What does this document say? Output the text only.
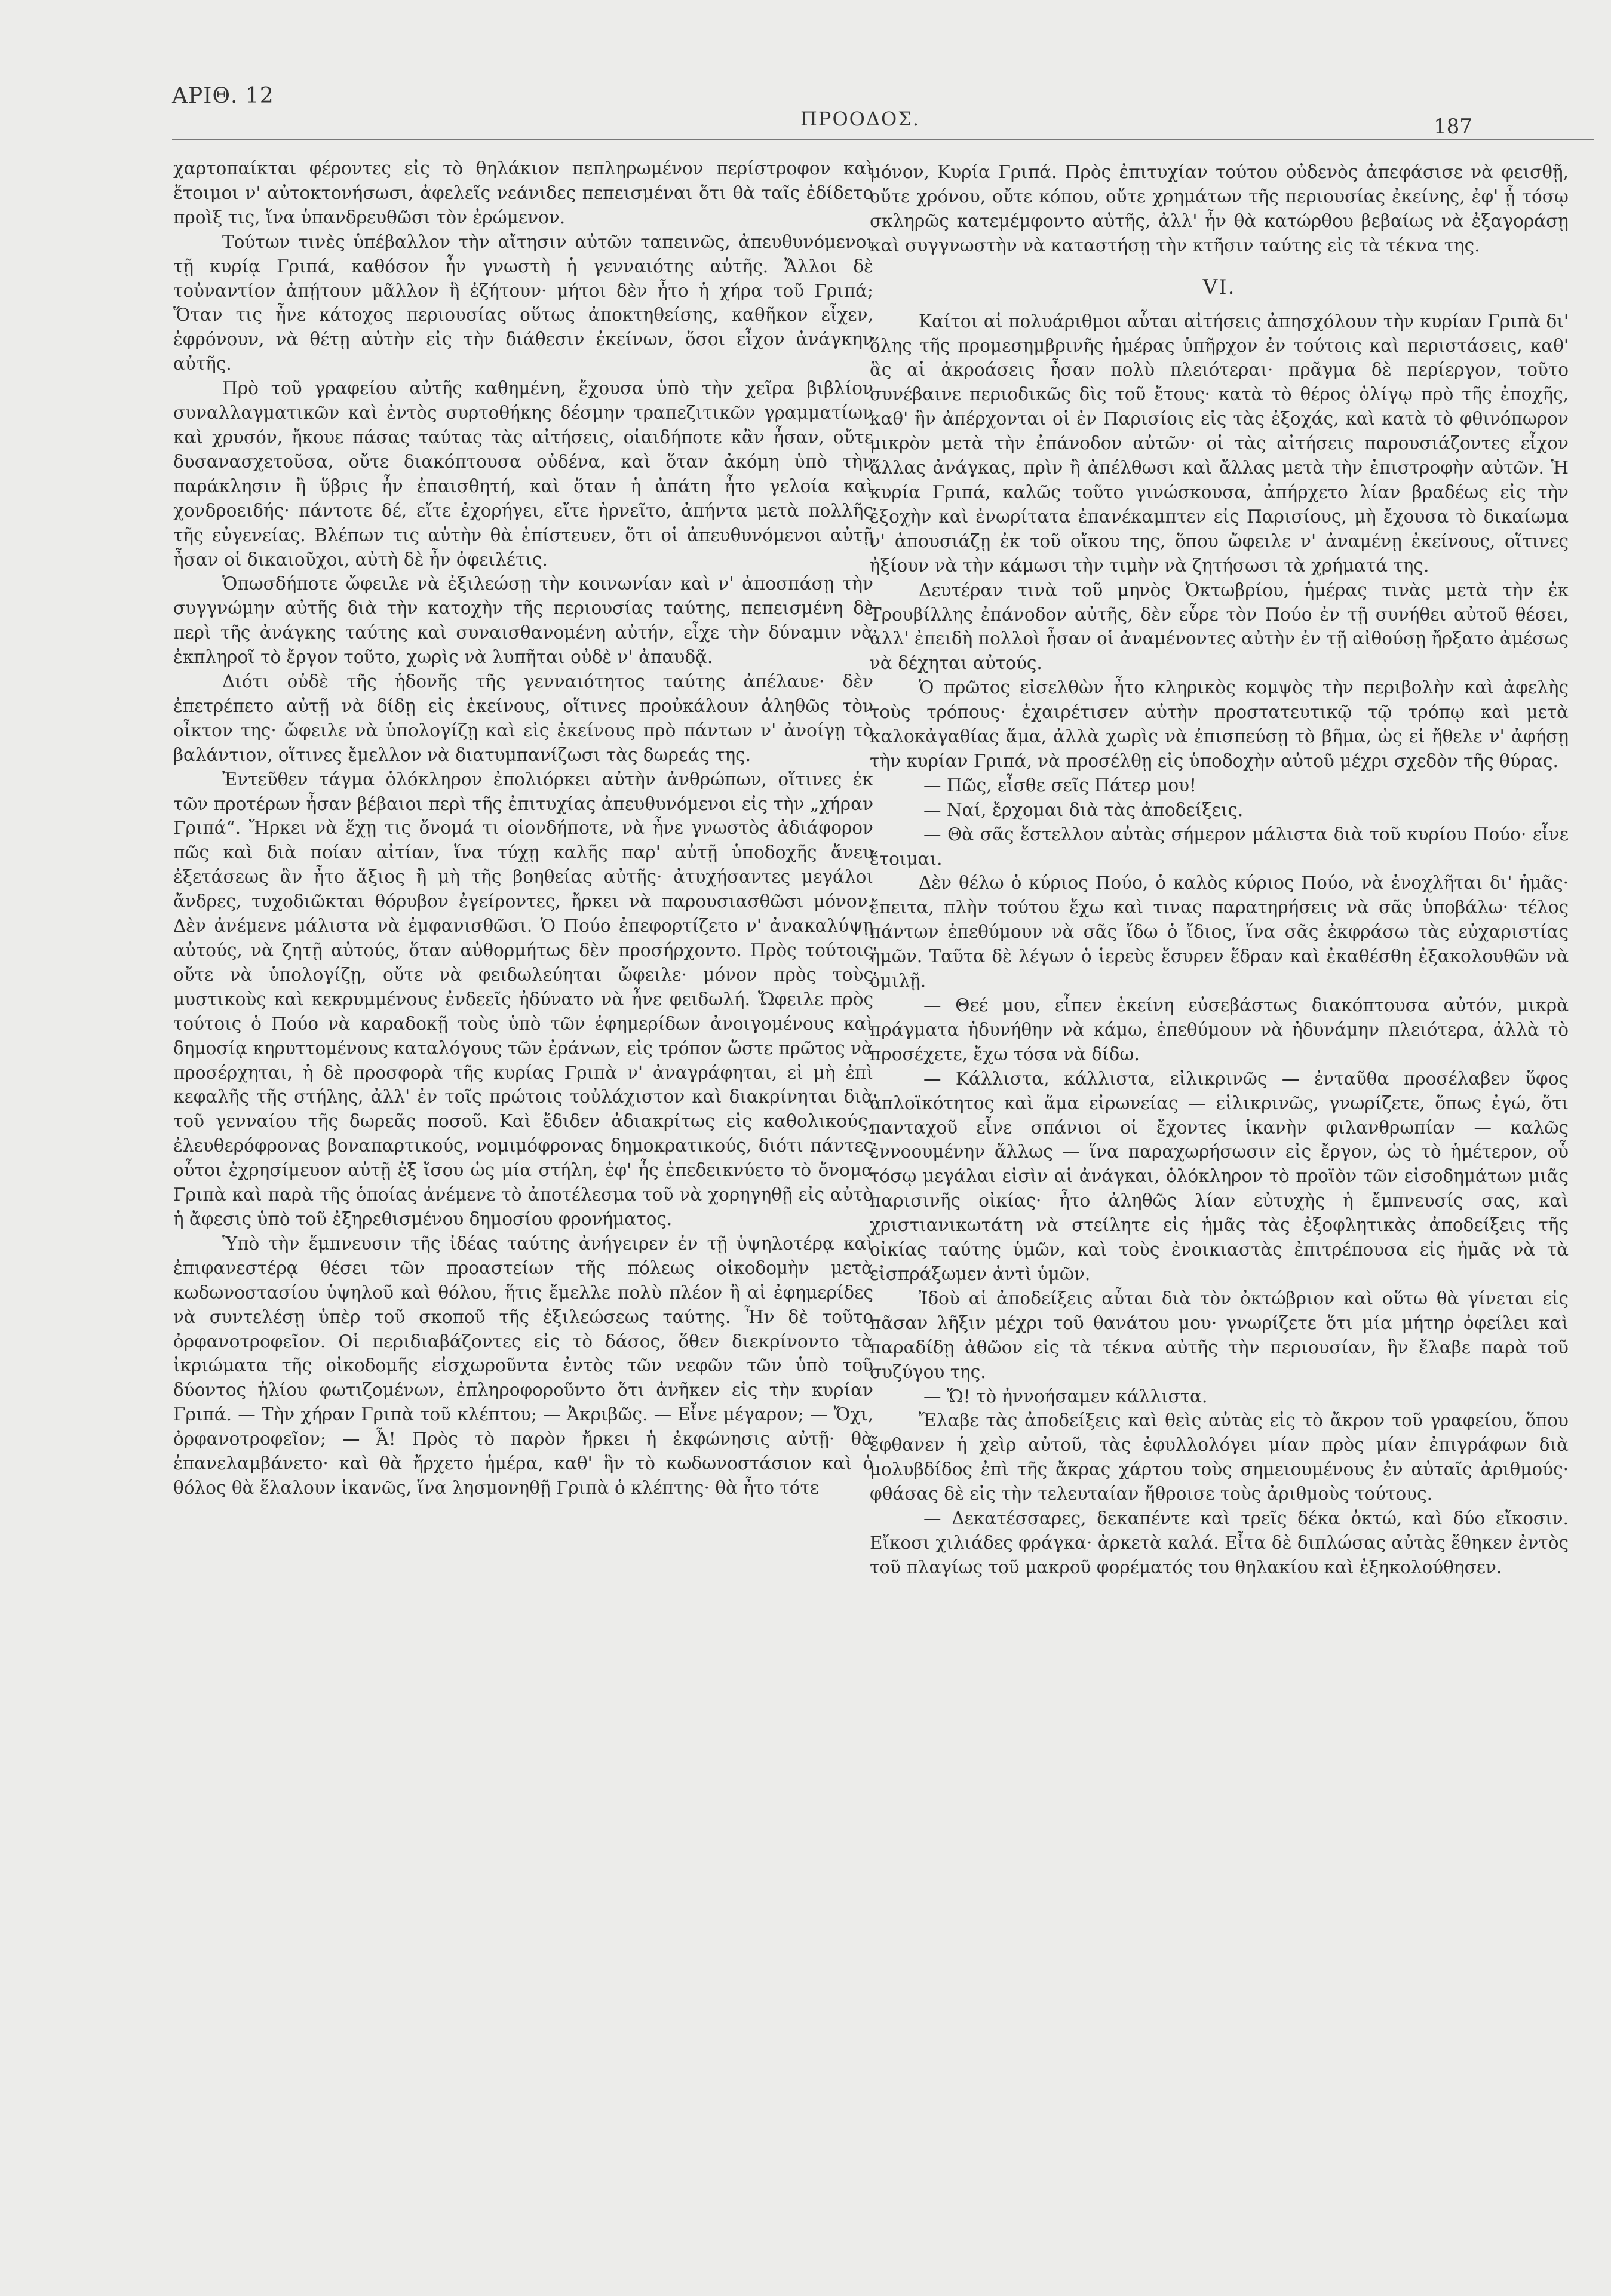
ΑΡΙΘ. 12
ΠΡΟΟΔΟΣ.	187

χαρτοπαίκται φέροντες εἰς τὸ θηλάκιον πεπληρωμένον περίστροφον καὶ ἕτοιμοι ν' αὐτοκτονήσωσι, ἀφελεῖς νεάνιδες πεπεισμέναι ὅτι θὰ ταῖς ἐδίδετο προὶξ τις, ἵνα ὑπανδρευθῶσι τὸν ἐρώμενον.

Τούτων τινὲς ὑπέβαλλον τὴν αἴτησιν αὐτῶν ταπεινῶς, ἀπευθυνόμενοι τῇ κυρίᾳ Γριπά, καθόσον ἦν γνωστὴ ἡ γενναιότης αὐτῆς. Ἄλλοι δὲ τοὐναντίον ἀπῄτουν μᾶλλον ἢ ἐζήτουν· μήτοι δὲν ἦτο ἡ χήρα τοῦ Γριπά; Ὅταν τις ἦνε κάτοχος περιουσίας οὕτως ἀποκτηθείσης, καθῆκον εἶχεν, ἐφρόνουν, νὰ θέτῃ αὐτὴν εἰς τὴν διάθεσιν ἐκείνων, ὅσοι εἶχον ἀνάγκην αὐτῆς.

Πρὸ τοῦ γραφείου αὐτῆς καθημένη, ἔχουσα ὑπὸ τὴν χεῖρα βιβλίον συναλλαγματικῶν καὶ ἐντὸς συρτοθήκης δέσμην τραπεζιτικῶν γραμματίων καὶ χρυσόν, ἤκουε πάσας ταύτας τὰς αἰτήσεις, οἱαιδήποτε κἂν ἦσαν, οὔτε δυσανασχετοῦσα, οὔτε διακόπτουσα οὐδένα, καὶ ὅταν ἀκόμη ὑπὸ τὴν παράκλησιν ἢ ὕβρις ἦν ἐπαισθητή, καὶ ὅταν ἡ ἀπάτη ἦτο γελοία καὶ χονδροειδής· πάντοτε δέ, εἴτε ἐχορήγει, εἴτε ἠρνεῖτο, ἀπήντα μετὰ πολλῆς τῆς εὐγενείας. Βλέπων τις αὐτὴν θὰ ἐπίστευεν, ὅτι οἱ ἀπευθυνόμενοι αὐτῇ ἦσαν οἱ δικαιοῦχοι, αὐτὴ δὲ ἦν ὀφειλέτις.

Ὁπωσδήποτε ὤφειλε νὰ ἐξιλεώσῃ τὴν κοινωνίαν καὶ ν' ἀποσπάσῃ τὴν συγγνώμην αὐτῆς διὰ τὴν κατοχὴν τῆς περιουσίας ταύτης, πεπεισμένη δὲ περὶ τῆς ἀνάγκης ταύτης καὶ συναισθανομένη αὐτήν, εἶχε τὴν δύναμιν νὰ ἐκπληροῖ τὸ ἔργον τοῦτο, χωρὶς νὰ λυπῆται οὐδὲ ν' ἀπαυδᾷ.

Διότι οὐδὲ τῆς ἡδονῆς τῆς γενναιότητος ταύτης ἀπέλαυε· δὲν ἐπετρέπετο αὐτῇ νὰ δίδῃ εἰς ἐκείνους, οἵτινες προὐκάλουν ἀληθῶς τὸν οἶκτον της· ὤφειλε νὰ ὑπολογίζῃ καὶ εἰς ἐκείνους πρὸ πάντων ν' ἀνοίγῃ τὸ βαλάντιον, οἵτινες ἔμελλον νὰ διατυμπανίζωσι τὰς δωρεάς της.

Ἐντεῦθεν τάγμα ὁλόκληρον ἐπολιόρκει αὐτὴν ἀνθρώπων, οἵτινες ἐκ τῶν προτέρων ἦσαν βέβαιοι περὶ τῆς ἐπιτυχίας ἀπευθυνόμενοι εἰς τὴν „χήραν Γριπά“. Ἤρκει νὰ ἔχῃ τις ὄνομά τι οἱονδήποτε, νὰ ἦνε γνωστὸς ἀδιάφορον πῶς καὶ διὰ ποίαν αἰτίαν, ἵνα τύχῃ καλῆς παρ' αὐτῇ ὑποδοχῆς ἄνευ ἐξετάσεως ἂν ἦτο ἄξιος ἢ μὴ τῆς βοηθείας αὐτῆς· ἀτυχήσαντες μεγάλοι ἄνδρες, τυχοδιῶκται θόρυβον ἐγείροντες, ἤρκει νὰ παρουσιασθῶσι μόνον. Δὲν ἀνέμενε μάλιστα νὰ ἐμφανισθῶσι. Ὁ Πούο ἐπεφορτίζετο ν' ἀνακαλύψῃ αὐτούς, νὰ ζητῇ αὐτούς, ὅταν αὐθορμήτως δὲν προσήρχοντο. Πρὸς τούτοις οὔτε νὰ ὑπολογίζῃ, οὔτε νὰ φειδωλεύηται ὤφειλε· μόνον πρὸς τοὺς μυστικοὺς καὶ κεκρυμμένους ἐνδεεῖς ἠδύνατο νὰ ἦνε φειδωλή. Ὤφειλε πρὸς τούτοις ὁ Πούο νὰ καραδοκῇ τοὺς ὑπὸ τῶν ἐφημερίδων ἀνοιγομένους καὶ δημοσίᾳ κηρυττομένους καταλόγους τῶν ἐράνων, εἰς τρόπον ὥστε πρῶτος νὰ προσέρχηται, ἡ δὲ προσφορὰ τῆς κυρίας Γριπὰ ν' ἀναγράφηται, εἰ μὴ ἐπὶ κεφαλῆς τῆς στήλης, ἀλλ' ἐν τοῖς πρώτοις τοὐλάχιστον καὶ διακρίνηται διὰ τοῦ γενναίου τῆς δωρεᾶς ποσοῦ. Καὶ ἔδιδεν ἀδιακρίτως εἰς καθολικούς, ἐλευθερόφρονας βοναπαρτικούς, νομιμόφρονας δημοκρατικούς, διότι πάντες οὗτοι ἐχρησίμευον αὐτῇ ἐξ ἴσου ὡς μία στήλη, ἐφ' ἧς ἐπεδεικνύετο τὸ ὄνομα Γριπὰ καὶ παρὰ τῆς ὁποίας ἀνέμενε τὸ ἀποτέλεσμα τοῦ νὰ χορηγηθῇ εἰς αὐτὸ ἡ ἄφεσις ὑπὸ τοῦ ἐξηρεθισμένου δημοσίου φρονήματος.

Ὑπὸ τὴν ἔμπνευσιν τῆς ἰδέας ταύτης ἀνήγειρεν ἐν τῇ ὑψηλοτέρᾳ καὶ ἐπιφανεστέρᾳ θέσει τῶν προαστείων τῆς πόλεως οἰκοδομὴν μετὰ κωδωνοστασίου ὑψηλοῦ καὶ θόλου, ἥτις ἔμελλε πολὺ πλέον ἢ αἱ ἐφημερίδες νὰ συντελέσῃ ὑπὲρ τοῦ σκοποῦ τῆς ἐξιλεώσεως ταύτης. Ἦν δὲ τοῦτο ὀρφανοτροφεῖον. Οἱ περιδιαβάζοντες εἰς τὸ δάσος, ὅθεν διεκρίνοντο τὰ ἰκριώματα τῆς οἰκοδομῆς εἰσχωροῦντα ἐντὸς τῶν νεφῶν τῶν ὑπὸ τοῦ δύοντος ἡλίου φωτιζομένων, ἐπληροφοροῦντο ὅτι ἀνῆκεν εἰς τὴν κυρίαν Γριπά. — Τὴν χήραν Γριπὰ τοῦ κλέπτου; — Ἀκριβῶς. — Εἶνε μέγαρον; — Ὄχι, ὀρφανοτροφεῖον; — Ἆ! Πρὸς τὸ παρὸν ἤρκει ἡ ἐκφώνησις αὐτῇ· θὰ ἐπανελαμβάνετο· καὶ θὰ ἤρχετο ἡμέρα, καθ' ἣν τὸ κωδωνοστάσιον καὶ ὁ θόλος θὰ ἔλαλουν ἱκανῶς, ἵνα λησμονηθῇ Γριπὰ ὁ κλέπτης· θὰ ἦτο τότε

μόνον, Κυρία Γριπά. Πρὸς ἐπιτυχίαν τούτου οὐδενὸς ἀπεφάσισε νὰ φεισθῇ, οὔτε χρόνου, οὔτε κόπου, οὔτε χρημάτων τῆς περιουσίας ἐκείνης, ἐφ' ᾗ τόσῳ σκληρῶς κατεμέμφοντο αὐτῆς, ἀλλ' ἦν θὰ κατώρθου βεβαίως νὰ ἐξαγοράσῃ καὶ συγγνωστὴν νὰ καταστήσῃ τὴν κτῆσιν ταύτης εἰς τὰ τέκνα της.

VI.

Καίτοι αἱ πολυάριθμοι αὗται αἰτήσεις ἀπησχόλουν τὴν κυρίαν Γριπὰ δι' ὅλης τῆς προμεσημβρινῆς ἡμέρας ὑπῆρχον ἐν τούτοις καὶ περιστάσεις, καθ' ἃς αἱ ἀκροάσεις ἦσαν πολὺ πλειότεραι· πρᾶγμα δὲ περίεργον, τοῦτο συνέβαινε περιοδικῶς δὶς τοῦ ἔτους· κατὰ τὸ θέρος ὀλίγῳ πρὸ τῆς ἐποχῆς, καθ' ἣν ἀπέρχονται οἱ ἐν Παρισίοις εἰς τὰς ἐξοχάς, καὶ κατὰ τὸ φθινόπωρον μικρὸν μετὰ τὴν ἐπάνοδον αὐτῶν· οἱ τὰς αἰτήσεις παρουσιάζοντες εἶχον ἄλλας ἀνάγκας, πρὶν ἢ ἀπέλθωσι καὶ ἄλλας μετὰ τὴν ἐπιστροφὴν αὐτῶν. Ἡ κυρία Γριπά, καλῶς τοῦτο γινώσκουσα, ἀπήρχετο λίαν βραδέως εἰς τὴν ἐξοχὴν καὶ ἐνωρίτατα ἐπανέκαμπτεν εἰς Παρισίους, μὴ ἔχουσα τὸ δικαίωμα ν' ἀπουσιάζῃ ἐκ τοῦ οἴκου της, ὅπου ὤφειλε ν' ἀναμένῃ ἐκείνους, οἵτινες ἠξίουν νὰ τὴν κάμωσι τὴν τιμὴν νὰ ζητήσωσι τὰ χρήματά της.

Δευτέραν τινὰ τοῦ μηνὸς Ὀκτωβρίου, ἡμέρας τινὰς μετὰ τὴν ἐκ Τρουβίλλης ἐπάνοδον αὐτῆς, δὲν εὗρε τὸν Πούο ἐν τῇ συνήθει αὐτοῦ θέσει, ἀλλ' ἐπειδὴ πολλοὶ ἦσαν οἱ ἀναμένοντες αὐτὴν ἐν τῇ αἰθούσῃ ἤρξατο ἀμέσως νὰ δέχηται αὐτούς.

Ὁ πρῶτος εἰσελθὼν ἦτο κληρικὸς κομψὸς τὴν περιβολὴν καὶ ἀφελὴς τοὺς τρόπους· ἐχαιρέτισεν αὐτὴν προστατευτικῷ τῷ τρόπῳ καὶ μετὰ καλοκἀγαθίας ἅμα, ἀλλὰ χωρὶς νὰ ἐπισπεύσῃ τὸ βῆμα, ὡς εἰ ἤθελε ν' ἀφήσῃ τὴν κυρίαν Γριπά, νὰ προσέλθῃ εἰς ὑποδοχὴν αὐτοῦ μέχρι σχεδὸν τῆς θύρας.

— Πῶς, εἶσθε σεῖς Πάτερ μου!

— Ναί, ἔρχομαι διὰ τὰς ἀποδείξεις.

— Θὰ σᾶς ἔστελλον αὐτὰς σήμερον μάλιστα διὰ τοῦ κυρίου Πούο· εἶνε ἕτοιμαι.

Δὲν θέλω ὁ κύριος Πούο, ὁ καλὸς κύριος Πούο, νὰ ἐνοχλῆται δι' ἡμᾶς· ἔπειτα, πλὴν τούτου ἔχω καὶ τινας παρατηρήσεις νὰ σᾶς ὑποβάλω· τέλος πάντων ἐπεθύμουν νὰ σᾶς ἴδω ὁ ἴδιος, ἵνα σᾶς ἐκφράσω τὰς εὐχαριστίας ἡμῶν. Ταῦτα δὲ λέγων ὁ ἱερεὺς ἔσυρεν ἕδραν καὶ ἐκαθέσθη ἐξακολουθῶν νὰ ὁμιλῇ.

— Θεέ μου, εἶπεν ἐκείνη εὐσεβάστως διακόπτουσα αὐτόν, μικρὰ πράγματα ἠδυνήθην νὰ κάμω, ἐπεθύμουν νὰ ἠδυνάμην πλειότερα, ἀλλὰ τὸ προσέχετε, ἔχω τόσα νὰ δίδω.

— Κάλλιστα, κάλλιστα, εἰλικρινῶς — ἐνταῦθα προσέλαβεν ὕφος ἁπλοϊκότητος καὶ ἅμα εἰρωνείας — εἰλικρινῶς, γνωρίζετε, ὅπως ἐγώ, ὅτι πανταχοῦ εἶνε σπάνιοι οἱ ἔχοντες ἱκανὴν φιλανθρωπίαν — καλῶς ἐννοουμένην ἄλλως — ἵνα παραχωρήσωσιν εἰς ἔργον, ὡς τὸ ἡμέτερον, οὗ τόσῳ μεγάλαι εἰσὶν αἱ ἀνάγκαι, ὁλόκληρον τὸ προϊὸν τῶν εἰσοδημάτων μιᾶς παρισινῆς οἰκίας· ἦτο ἀληθῶς λίαν εὐτυχὴς ἡ ἔμπνευσίς σας, καὶ χριστιανικωτάτη νὰ στείλητε εἰς ἡμᾶς τὰς ἐξοφλητικὰς ἀποδείξεις τῆς οἰκίας ταύτης ὑμῶν, καὶ τοὺς ἐνοικιαστὰς ἐπιτρέπουσα εἰς ἡμᾶς νὰ τὰ εἰσπράξωμεν ἀντὶ ὑμῶν.

Ἰδοὺ αἱ ἀποδείξεις αὗται διὰ τὸν ὀκτώβριον καὶ οὕτω θὰ γίνεται εἰς πᾶσαν λῆξιν μέχρι τοῦ θανάτου μου· γνωρίζετε ὅτι μία μήτηρ ὀφείλει καὶ παραδίδῃ ἀθῶον εἰς τὰ τέκνα αὐτῆς τὴν περιουσίαν, ἣν ἔλαβε παρὰ τοῦ συζύγου της.

— Ὤ! τὸ ἠννοήσαμεν κάλλιστα.

Ἔλαβε τὰς ἀποδείξεις καὶ θεὶς αὐτὰς εἰς τὸ ἄκρον τοῦ γραφείου, ὅπου ἔφθανεν ἡ χεὶρ αὐτοῦ, τὰς ἐφυλλολόγει μίαν πρὸς μίαν ἐπιγράφων διὰ μολυβδίδος ἐπὶ τῆς ἄκρας χάρτου τοὺς σημειουμένους ἐν αὐταῖς ἀριθμούς· φθάσας δὲ εἰς τὴν τελευταίαν ἤθροισε τοὺς ἀριθμοὺς τούτους.

— Δεκατέσσαρες, δεκαπέντε καὶ τρεῖς δέκα ὀκτώ, καὶ δύο εἴκοσιν. Εἴκοσι χιλιάδες φράγκα· ἀρκετὰ καλά. Εἶτα δὲ διπλώσας αὐτὰς ἔθηκεν ἐντὸς τοῦ πλαγίως τοῦ μακροῦ φορέματός του θηλακίου καὶ ἐξηκολούθησεν.
